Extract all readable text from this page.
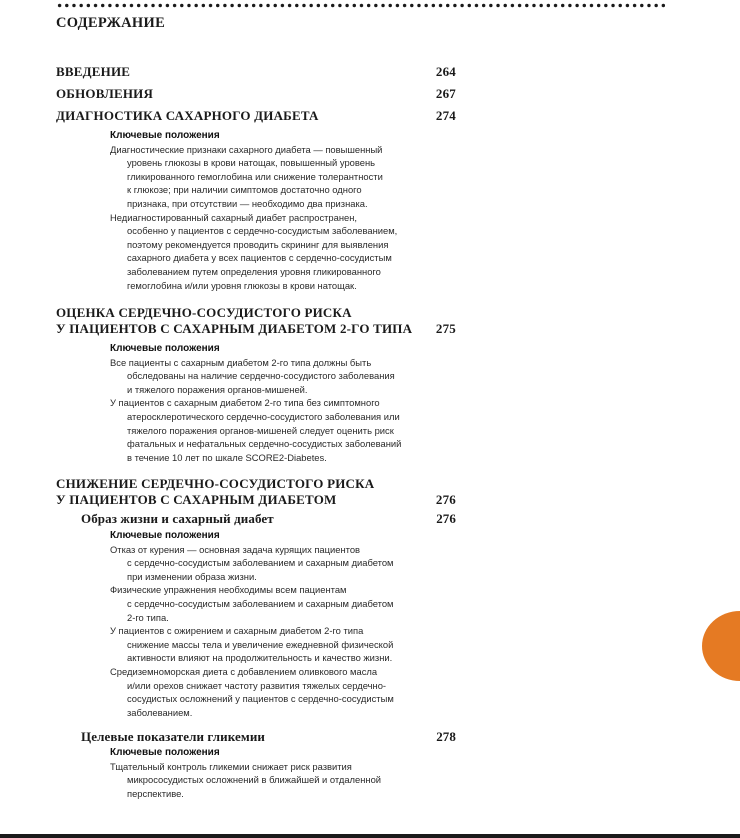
СОДЕРЖАНИЕ
ВВЕДЕНИЕ	264
ОБНОВЛЕНИЯ	267
ДИАГНОСТИКА САХАРНОГО ДИАБЕТА	274
Ключевые положения

Диагностические признаки сахарного диабета — повышенный
уровень глюкозы в крови натощак, повышенный уровень
гликированного гемоглобина или снижение толерантности
к глюкозе; при наличии симптомов достаточно одного
признака, при отсутствии — необходимо два признака.

Недиагностированный сахарный диабет распространен,
особенно у пациентов с сердечно-сосудистым заболеванием,
поэтому рекомендуется проводить скрининг для выявления
сахарного диабета у всех пациентов с сердечно-сосудистым
заболеванием путем определения уровня гликированного
гемоглобина и/или уровня глюкозы в крови натощак.

ОЦЕНКА СЕРДЕЧНО-СОСУДИСТОГО РИСКА
У ПАЦИЕНТОВ С САХАРНЫМ ДИАБЕТОМ 2-ГО ТИПА	275
Ключевые положения

Все пациенты с сахарным диабетом 2-го типа должны быть
обследованы на наличие сердечно-сосудистого заболевания
и тяжелого поражения органов-мишеней.

У пациентов с сахарным диабетом 2-го типа без симптомного
атеросклеротического сердечно-сосудистого заболевания или
тяжелого поражения органов-мишеней следует оценить риск
фатальных и нефатальных сердечно-сосудистых заболеваний
в течение 10 лет по шкале SCORE2-Diabetes.

СНИЖЕНИЕ СЕРДЕЧНО-СОСУДИСТОГО РИСКА
У ПАЦИЕНТОВ С САХАРНЫМ ДИАБЕТОМ	276
Образ жизни и сахарный диабет	276
Ключевые положения

Отказ от курения — основная задача курящих пациентов
с сердечно-сосудистым заболеванием и сахарным диабетом
при изменении образа жизни.

Физические упражнения необходимы всем пациентам
с сердечно-сосудистым заболеванием и сахарным диабетом
2-го типа.

У пациентов с ожирением и сахарным диабетом 2-го типа
снижение массы тела и увеличение ежедневной физической
активности влияют на продолжительность и качество жизни.

Средиземноморская диета с добавлением оливкового масла
и/или орехов снижает частоту развития тяжелых сердечно-
сосудистых осложнений у пациентов с сердечно-сосудистым
заболеванием.

Целевые показатели гликемии	278
Ключевые положения

Тщательный контроль гликемии снижает риск развития
микрососудистых осложнений в ближайшей и отдаленной
перспективе.
